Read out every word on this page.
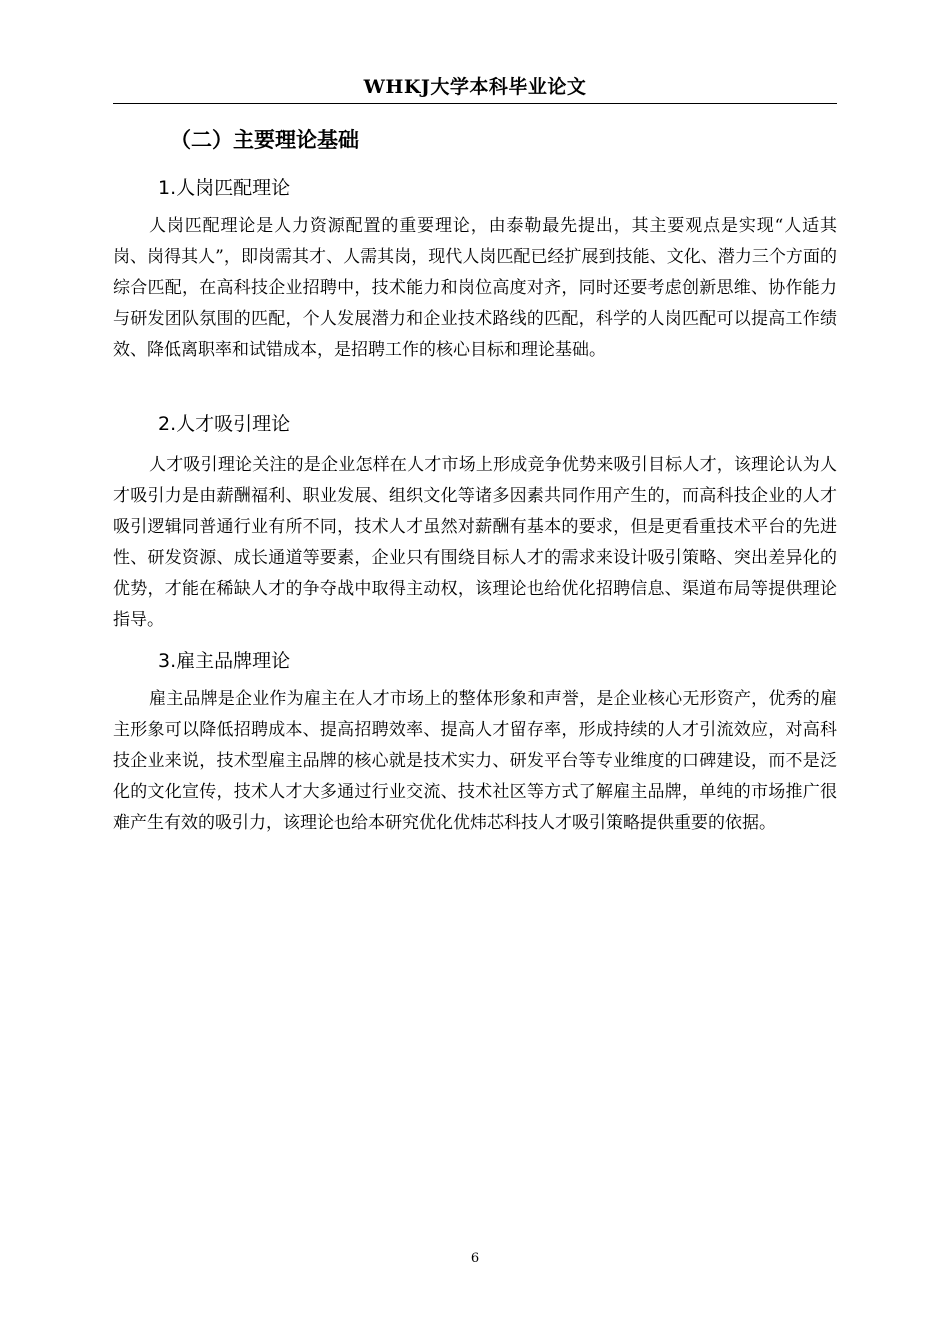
WHKJ大学本科毕业论文
（二）主要理论基础
1.人岗匹配理论

人岗匹配理论是人力资源配置的重要理论，由泰勒最先提出，其主要观点是实现“人适其岗、岗得其人”，即岗需其才、人需其岗，现代人岗匹配已经扩展到技能、文化、潜力三个方面的综合匹配，在高科技企业招聘中，技术能力和岗位高度对齐，同时还要考虑创新思维、协作能力与研发团队氛围的匹配，个人发展潜力和企业技术路线的匹配，科学的人岗匹配可以提高工作绩效、降低离职率和试错成本，是招聘工作的核心目标和理论基础。

2.人才吸引理论

人才吸引理论关注的是企业怎样在人才市场上形成竞争优势来吸引目标人才，该理论认为人才吸引力是由薪酬福利、职业发展、组织文化等诸多因素共同作用产生的，而高科技企业的人才吸引逻辑同普通行业有所不同，技术人才虽然对薪酬有基本的要求，但是更看重技术平台的先进性、研发资源、成长通道等要素，企业只有围绕目标人才的需求来设计吸引策略、突出差异化的优势，才能在稀缺人才的争夺战中取得主动权，该理论也给优化招聘信息、渠道布局等提供理论指导。

3.雇主品牌理论

雇主品牌是企业作为雇主在人才市场上的整体形象和声誉，是企业核心无形资产，优秀的雇主形象可以降低招聘成本、提高招聘效率、提高人才留存率，形成持续的人才引流效应，对高科技企业来说，技术型雇主品牌的核心就是技术实力、研发平台等专业维度的口碑建设，而不是泛化的文化宣传，技术人才大多通过行业交流、技术社区等方式了解雇主品牌，单纯的市场推广很难产生有效的吸引力，该理论也给本研究优化优炜芯科技人才吸引策略提供重要的依据。

6
